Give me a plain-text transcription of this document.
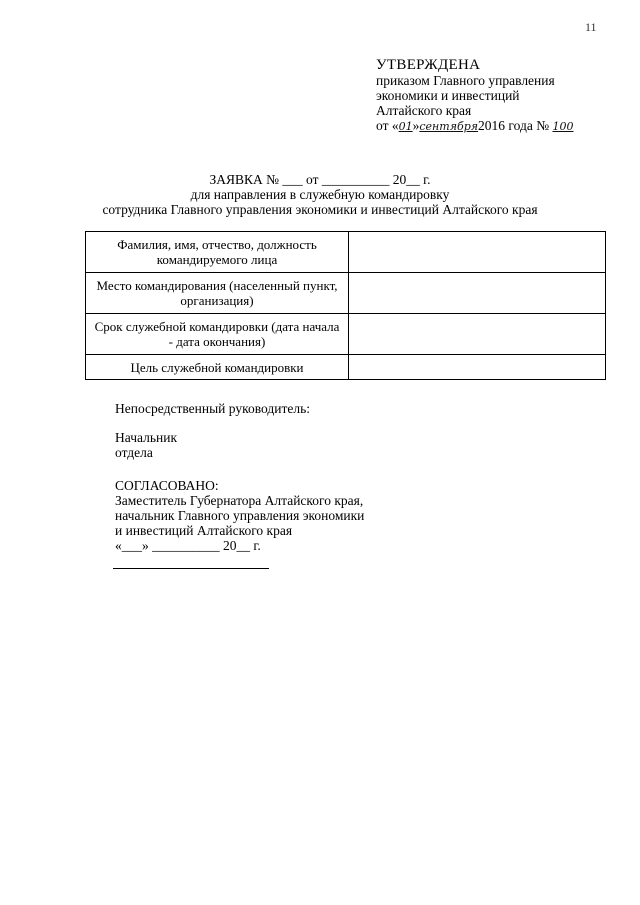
11
УТВЕРЖДЕНА
приказом Главного управления
экономики и инвестиций
Алтайского края
от «01»сентября2016 года № 100
ЗАЯВКА № ___ от __________ 20__ г.
для направления в служебную командировку
сотрудника Главного управления экономики и инвестиций Алтайского края
Фамилия, имя, отчество, должность командируемого лица	
Место командирования (населенный пункт, организация)	
Срок служебной командировки (дата начала - дата окончания)	
Цель служебной командировки	
Непосредственный руководитель:
Начальник
отдела
СОГЛАСОВАНО:
Заместитель Губернатора Алтайского края,
начальник Главного управления экономики
и инвестиций Алтайского края
«___» __________ 20__ г.
